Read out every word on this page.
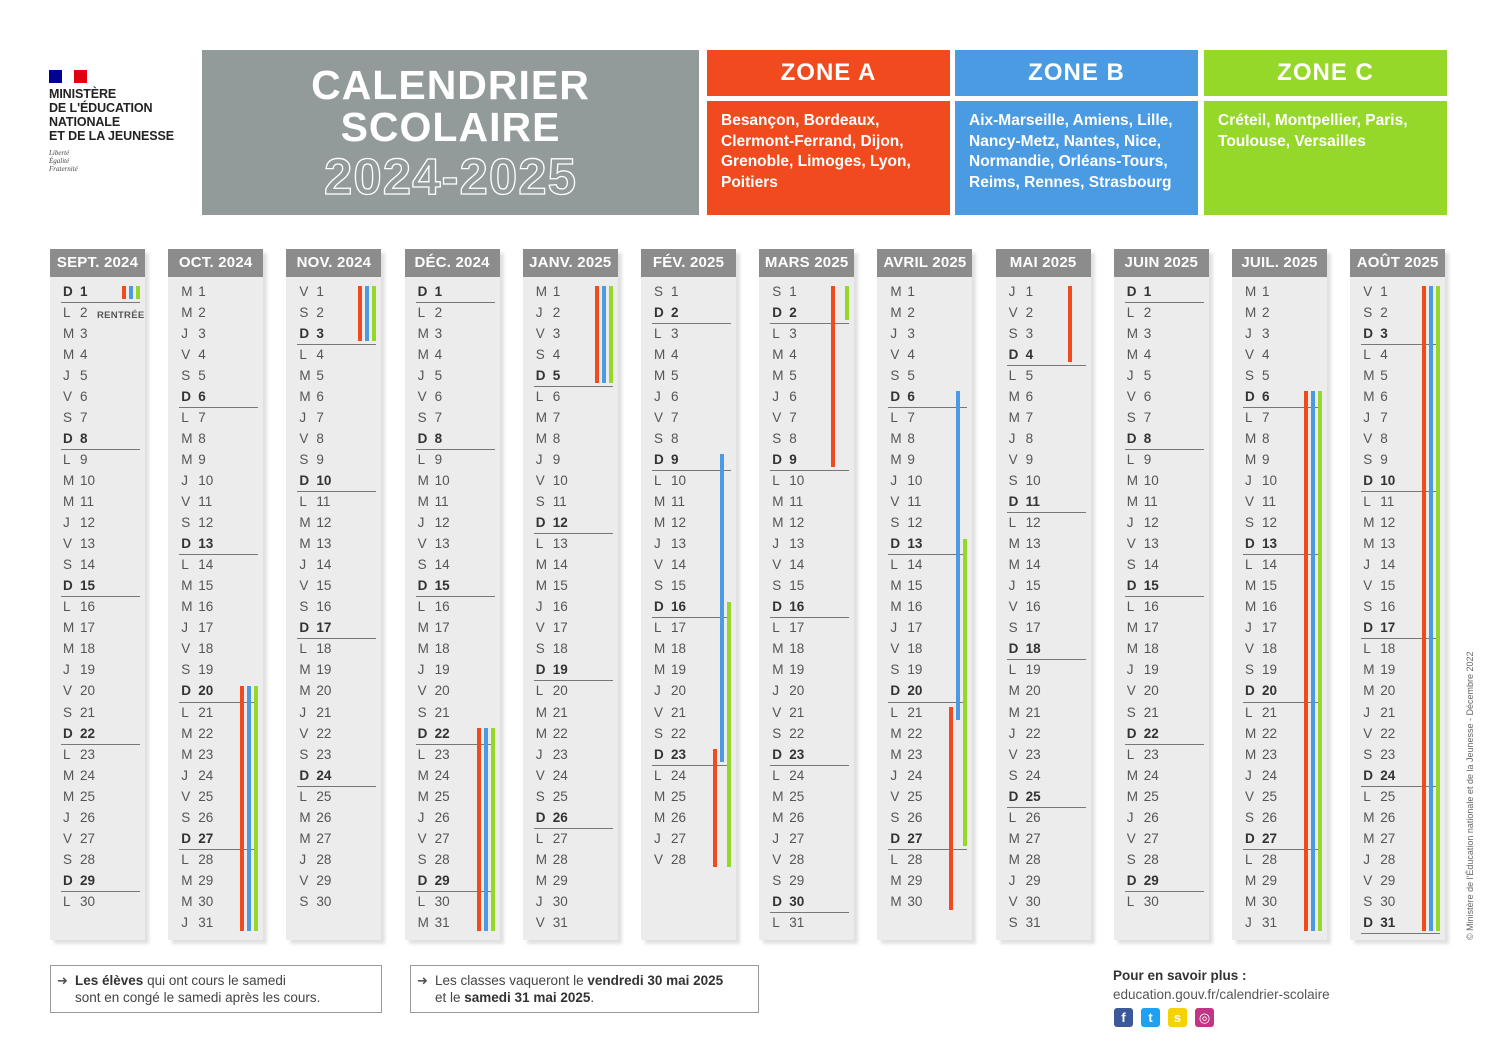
MINISTÈRE
DE L'ÉDUCATION
NATIONALE
ET DE LA JEUNESSE
Liberté
Égalité
Fraternité
CALENDRIER
SCOLAIRE
2024-2025
ZONE A
Besançon, Bordeaux, Clermont-Ferrand, Dijon, Grenoble, Limoges, Lyon, Poitiers
ZONE B
Aix-Marseille, Amiens, Lille, Nancy-Metz, Nantes, Nice, Normandie, Orléans-Tours, Reims, Rennes, Strasbourg
ZONE C
Créteil, Montpellier, Paris, Toulouse, Versailles
SEPT. 2024
D 1
L 2
M 3
M 4
J 5
V 6
S 7
D 8
L 9
M 10
M 11
J 12
V 13
S 14
D 15
L 16
M 17
M 18
J 19
V 20
S 21
D 22
L 23
M 24
M 25
J 26
V 27
S 28
D 29
L 30
OCT. 2024
M 1
M 2
J 3
V 4
S 5
D 6
L 7
M 8
M 9
J 10
V 11
S 12
D 13
L 14
M 15
M 16
J 17
V 18
S 19
D 20
L 21
M 22
M 23
J 24
V 25
S 26
D 27
L 28
M 29
M 30
J 31
NOV. 2024
V 1
S 2
D 3
L 4
M 5
M 6
J 7
V 8
S 9
D 10
L 11
M 12
M 13
J 14
V 15
S 16
D 17
L 18
M 19
M 20
J 21
V 22
S 23
D 24
L 25
M 26
M 27
J 28
V 29
S 30
DÉC. 2024
D 1
L 2
M 3
M 4
J 5
V 6
S 7
D 8
L 9
M 10
M 11
J 12
V 13
S 14
D 15
L 16
M 17
M 18
J 19
V 20
S 21
D 22
L 23
M 24
M 25
J 26
V 27
S 28
D 29
L 30
M 31
JANV. 2025
M 1
J 2
V 3
S 4
D 5
L 6
M 7
M 8
J 9
V 10
S 11
D 12
L 13
M 14
M 15
J 16
V 17
S 18
D 19
L 20
M 21
M 22
J 23
V 24
S 25
D 26
L 27
M 28
M 29
J 30
V 31
FÉV. 2025
S 1
D 2
L 3
M 4
M 5
J 6
V 7
S 8
D 9
L 10
M 11
M 12
J 13
V 14
S 15
D 16
L 17
M 18
M 19
J 20
V 21
S 22
D 23
L 24
M 25
M 26
J 27
V 28
MARS 2025
S 1
D 2
L 3
M 4
M 5
J 6
V 7
S 8
D 9
L 10
M 11
M 12
J 13
V 14
S 15
D 16
L 17
M 18
M 19
J 20
V 21
S 22
D 23
L 24
M 25
M 26
J 27
V 28
S 29
D 30
L 31
AVRIL 2025
M 1
M 2
J 3
V 4
S 5
D 6
L 7
M 8
M 9
J 10
V 11
S 12
D 13
L 14
M 15
M 16
J 17
V 18
S 19
D 20
L 21
M 22
M 23
J 24
V 25
S 26
D 27
L 28
M 29
M 30
MAI 2025
J 1
V 2
S 3
D 4
L 5
M 6
M 7
J 8
V 9
S 10
D 11
L 12
M 13
M 14
J 15
V 16
S 17
D 18
L 19
M 20
M 21
J 22
V 23
S 24
D 25
L 26
M 27
M 28
J 29
V 30
S 31
JUIN 2025
D 1
L 2
M 3
M 4
J 5
V 6
S 7
D 8
L 9
M 10
M 11
J 12
V 13
S 14
D 15
L 16
M 17
M 18
J 19
V 20
S 21
D 22
L 23
M 24
M 25
J 26
V 27
S 28
D 29
L 30
JUIL. 2025
M 1
M 2
J 3
V 4
S 5
D 6
L 7
M 8
M 9
J 10
V 11
S 12
D 13
L 14
M 15
M 16
J 17
V 18
S 19
D 20
L 21
M 22
M 23
J 24
V 25
S 26
D 27
L 28
M 29
M 30
J 31
AOÛT 2025
V 1
S 2
D 3
L 4
M 5
M 6
J 7
V 8
S 9
D 10
L 11
M 12
M 13
J 14
V 15
S 16
D 17
L 18
M 19
M 20
J 21
V 22
S 23
D 24
L 25
M 26
M 27
J 28
V 29
S 30
D 31
RENTRÉE
➜ Les élèves qui ont cours le samedi
sont en congé le samedi après les cours.
➜ Les classes vaqueront le vendredi 30 mai 2025
et le samedi 31 mai 2025.
Pour en savoir plus :
education.gouv.fr/calendrier-scolaire
f	t	s	◎
© Ministère de l'Éducation nationale et de la Jeunesse - Décembre 2022
